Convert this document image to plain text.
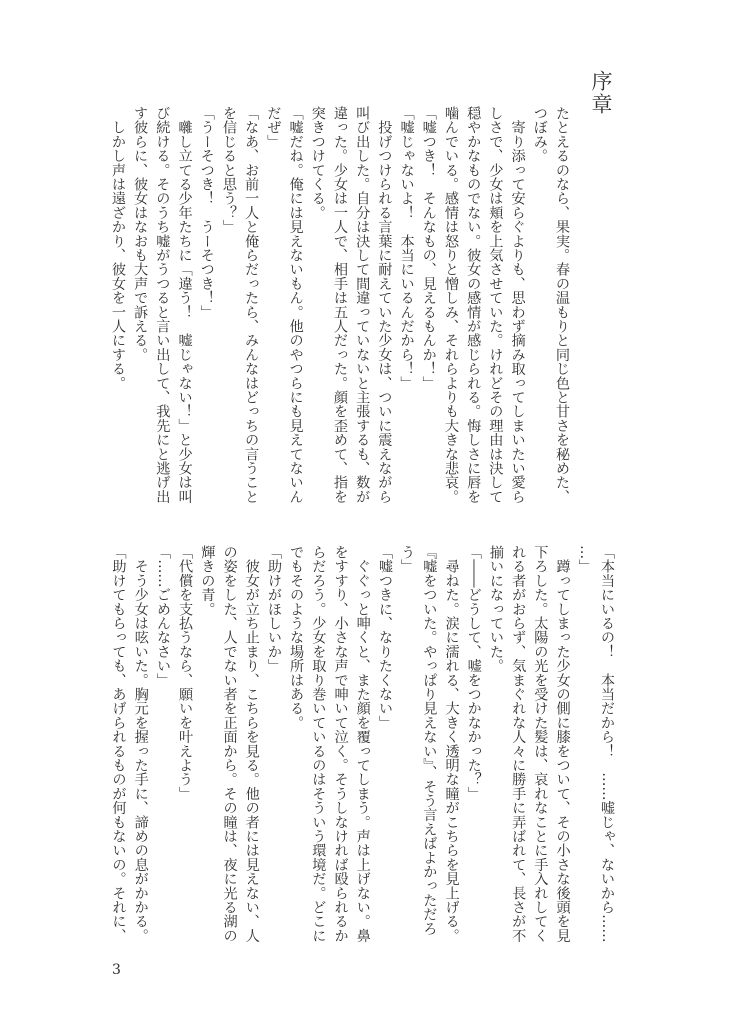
序章
たとえるのなら、果実。春の温もりと同じ色と甘さを秘めた、
つぼみ。
　寄り添って安らぐよりも、思わず摘み取ってしまいたい愛ら
しさで、少女は頬を上気させていた。けれどその理由は決して
穏やかなものでない。彼女の感情が感じられる。悔しさに唇を
噛んでいる。感情は怒りと憎しみ、それらよりも大きな悲哀。
「嘘つき！　そんなもの、見えるもんか！」
「嘘じゃないよ！　本当にいるんだから！」
　投げつけられる言葉に耐えていた少女は、ついに震えながら
叫び出した。自分は決して間違っていないと主張するも、数が
違った。少女は一人で、相手は五人だった。顔を歪めて、指を
突きつけてくる。
「嘘だね。俺には見えないもん。他のやつらにも見えてないん
だぜ」
「なあ、お前一人と俺らだったら、みんなはどっちの言うこと
を信じると思う？」
「うーそつき！　うーそつき！」
　囃し立てる少年たちに「違う！　嘘じゃない！」と少女は叫
び続ける。そのうち嘘がうつると言い出して、我先にと逃げ出
す彼らに、彼女はなおも大声で訴える。
　しかし声は遠ざかり、彼女を一人にする。
「本当にいるの！　本当だから！　……嘘じゃ、ないから……
…」
　蹲ってしまった少女の側に膝をついて、その小さな後頭を見
下ろした。太陽の光を受けた髪は、哀れなことに手入れしてく
れる者がおらず、気まぐれな人々に勝手に弄ばれて、長さが不
揃いになっていた。
「――どうして、嘘をつかなかった？」
　尋ねた。涙に濡れる、大きく透明な瞳がこちらを見上げる。
『嘘をついた。やっぱり見えない』、そう言えばよかっただろ
う」
「嘘つきに、なりたくない」
　ぐぐっと呻くと、また顔を覆ってしまう。声は上げない。鼻
をすすり、小さな声で呻いて泣く。そうしなければ殴られるか
らだろう。少女を取り巻いているのはそういう環境だ。どこに
でもそのような場所はある。
「助けがほしいか」
　彼女が立ち止まり、こちらを見る。他の者には見えない、人
の姿をした、人でない者を正面から。その瞳は、夜に光る湖の
輝きの青。
「代償を支払うなら、願いを叶えよう」
「……ごめんなさい」
　そう少女は呟いた。胸元を握った手に、諦めの息がかかる。
「助けてもらっても、あげられるものが何もないの。それに、
3
